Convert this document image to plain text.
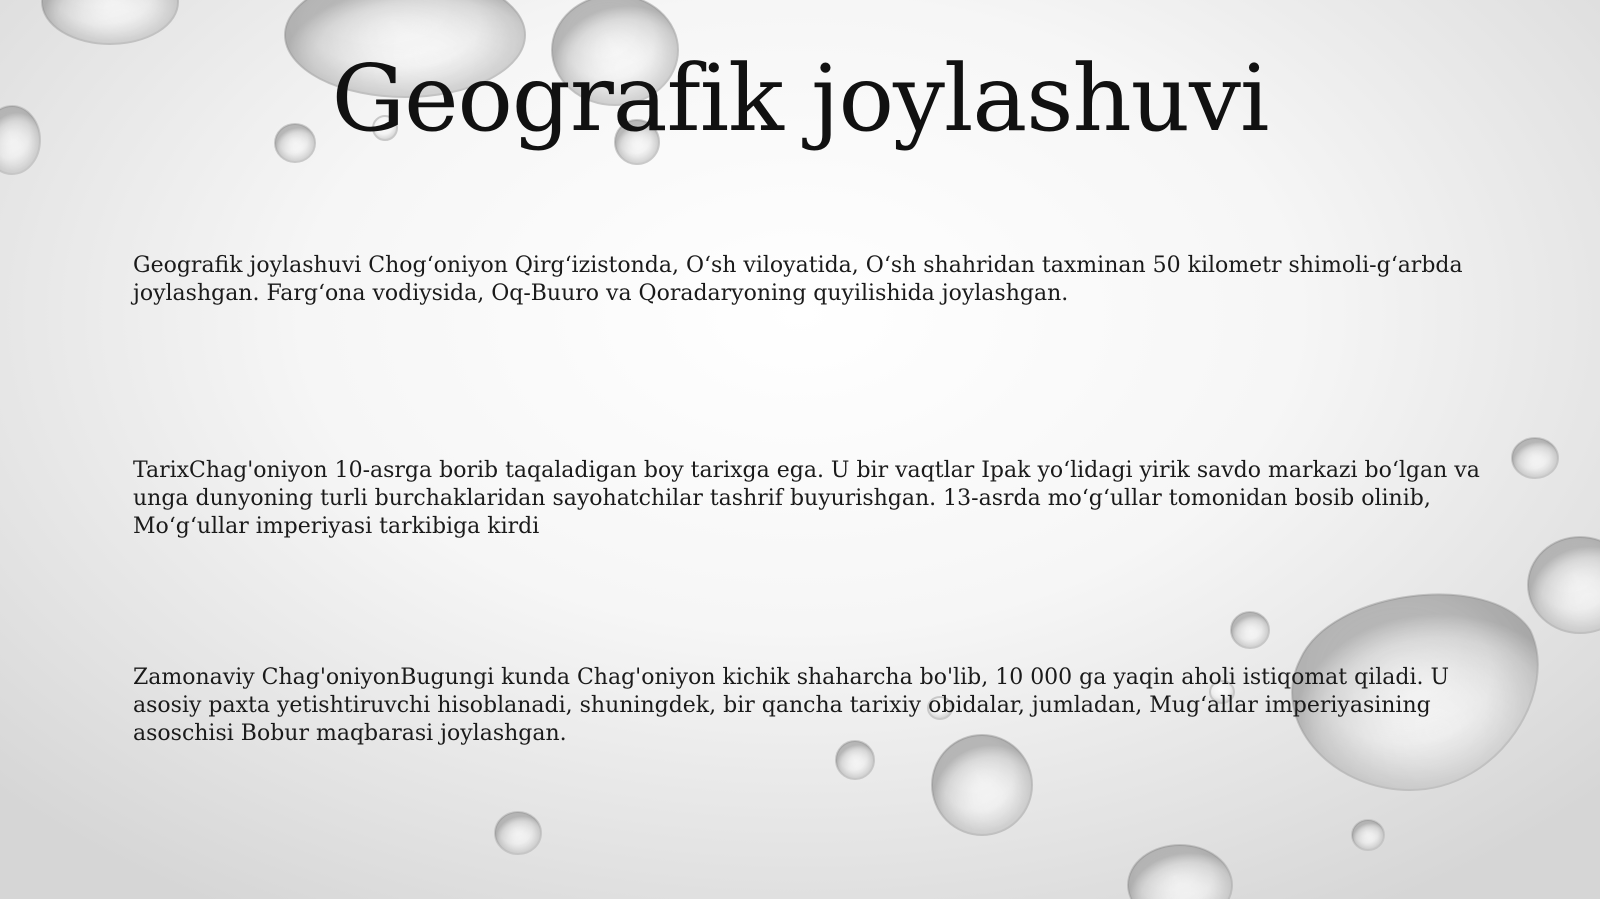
Geografik joylashuvi

Geografik joylashuvi Chogʻoniyon Qirgʻizistonda, Oʻsh viloyatida, Oʻsh shahridan taxminan 50 kilometr shimoli-gʻarbda joylashgan. Fargʻona vodiysida, Oq-Buuro va Qoradaryoning quyilishida joylashgan.

TarixChag'oniyon 10-asrga borib taqaladigan boy tarixga ega. U bir vaqtlar Ipak yoʻlidagi yirik savdo markazi boʻlgan va unga dunyoning turli burchaklaridan sayohatchilar tashrif buyurishgan. 13-asrda moʻgʻullar tomonidan bosib olinib, Moʻgʻullar imperiyasi tarkibiga kirdi

Zamonaviy Chag'oniyonBugungi kunda Chag'oniyon kichik shaharcha bo'lib, 10 000 ga yaqin aholi istiqomat qiladi. U asosiy paxta yetishtiruvchi hisoblanadi, shuningdek, bir qancha tarixiy obidalar, jumladan, Mugʻallar imperiyasining asoschisi Bobur maqbarasi joylashgan.
